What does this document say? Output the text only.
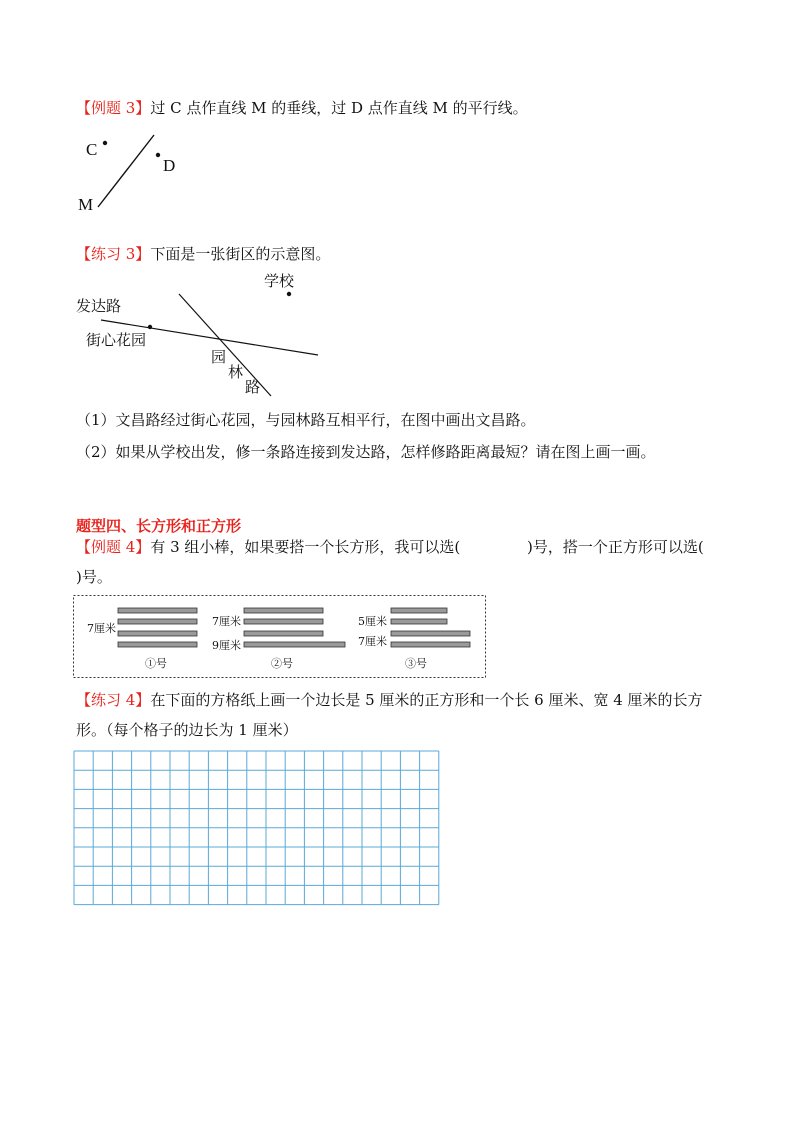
【例题 3】过 C 点作直线 M 的垂线，过 D 点作直线 M 的平行线。
C
D
M
【练习 3】下面是一张街区的示意图。
学校
发达路
街心花园
园
林
路
（1）文昌路经过街心花园，与园林路互相平行，在图中画出文昌路。
（2）如果从学校出发，修一条路连接到发达路，怎样修路距离最短？请在图上画一画。
题型四、长方形和正方形
【例题 4】有 3 组小棒，如果要搭一个长方形，我可以选(              )号，搭一个正方形可以选(
)号。
7厘米
①号
7厘米
9厘米
②号
5厘米
7厘米
③号
【练习 4】在下面的方格纸上画一个边长是 5 厘米的正方形和一个长 6 厘米、宽 4 厘米的长方
形。（每个格子的边长为 1 厘米）
